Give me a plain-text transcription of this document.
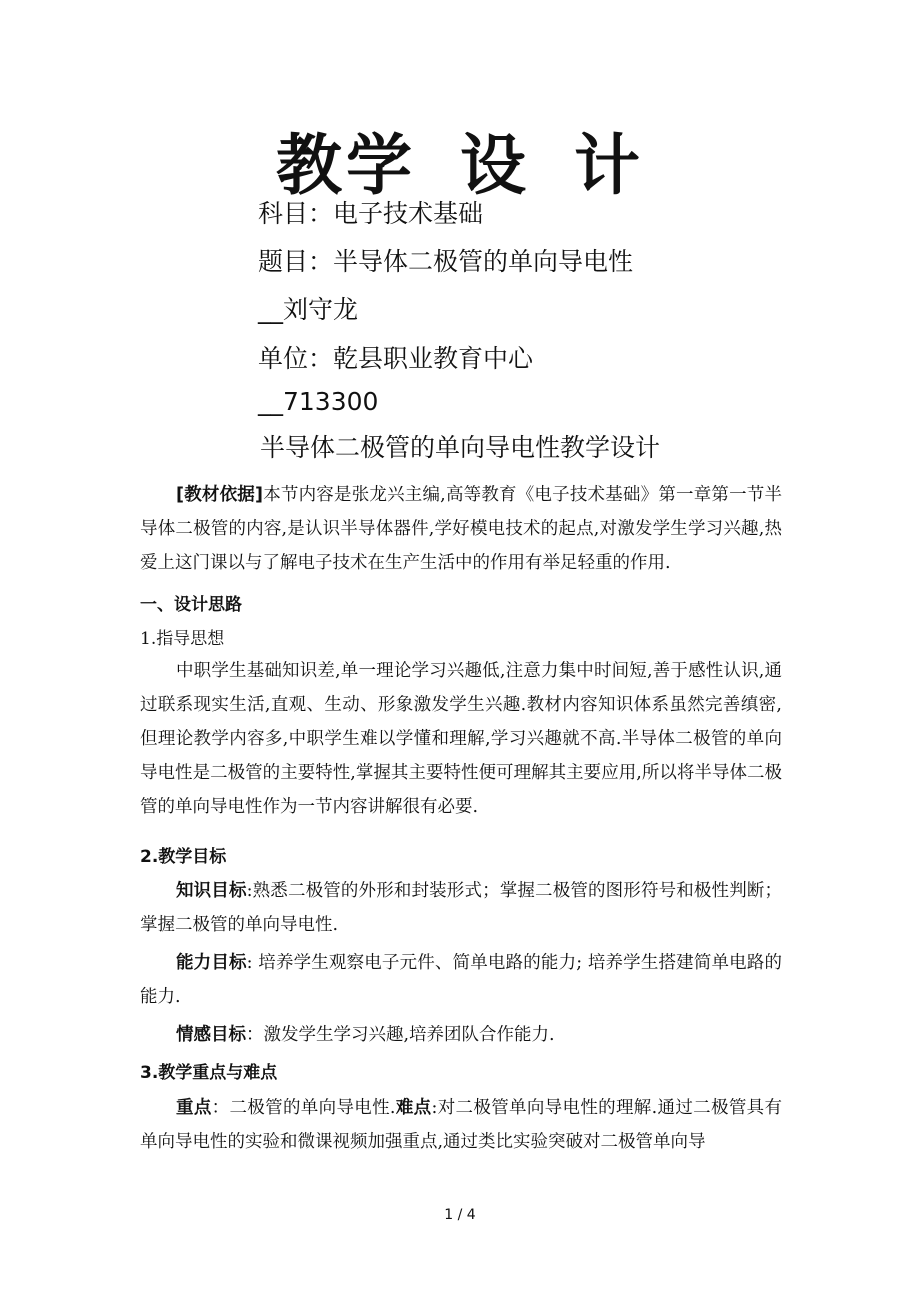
教学 设 计
科目：电子技术基础
题目：半导体二极管的单向导电性
__刘守龙
单位：乾县职业教育中心
__713300
半导体二极管的单向导电性教学设计
[教材依据]本节内容是张龙兴主编,高等教育《电子技术基础》第一章第一节半导体二极管的内容,是认识半导体器件,学好模电技术的起点,对激发学生学习兴趣,热爱上这门课以与了解电子技术在生产生活中的作用有举足轻重的作用.
一、设计思路
1.指导思想
中职学生基础知识差,单一理论学习兴趣低,注意力集中时间短,善于感性认识,通过联系现实生活,直观、生动、形象激发学生兴趣.教材内容知识体系虽然完善缜密,但理论教学内容多,中职学生难以学懂和理解,学习兴趣就不高.半导体二极管的单向导电性是二极管的主要特性,掌握其主要特性便可理解其主要应用,所以将半导体二极管的单向导电性作为一节内容讲解很有必要.
2.教学目标
知识目标:熟悉二极管的外形和封装形式；掌握二极管的图形符号和极性判断；掌握二极管的单向导电性.
能力目标: 培养学生观察电子元件、简单电路的能力; 培养学生搭建简单电路的能力.
情感目标：激发学生学习兴趣,培养团队合作能力.
3.教学重点与难点
重点：二极管的单向导电性.难点:对二极管单向导电性的理解.通过二极管具有单向导电性的实验和微课视频加强重点,通过类比实验突破对二极管单向导
1 / 4
